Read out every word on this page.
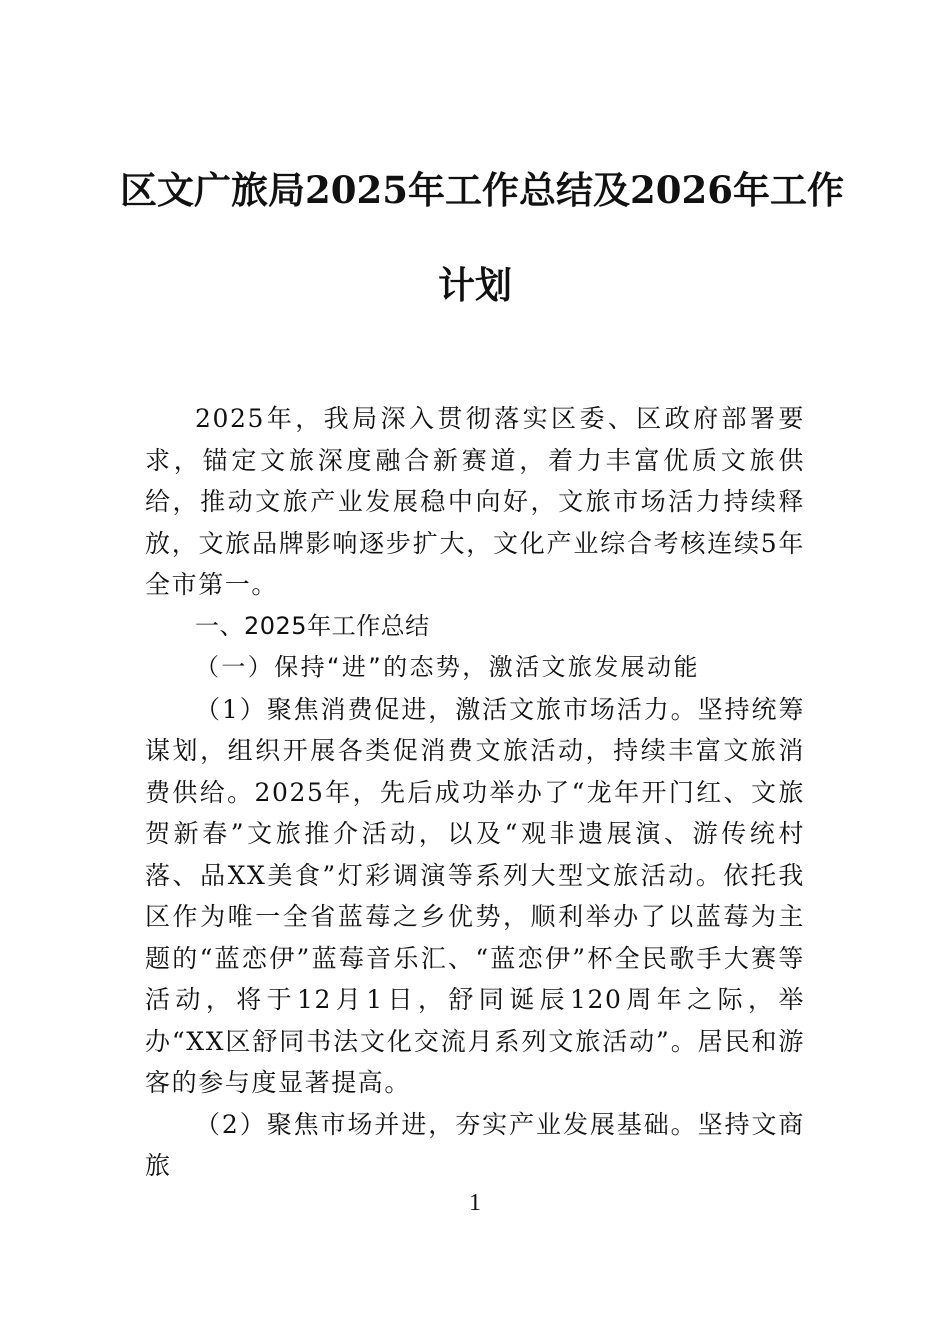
区文广旅局2025年工作总结及2026年工作
计划

2025年，我局深入贯彻落实区委、区政府部署要求，锚定文旅深度融合新赛道，着力丰富优质文旅供给，推动文旅产业发展稳中向好，文旅市场活力持续释放，文旅品牌影响逐步扩大，文化产业综合考核连续5年全市第一。

一、2025年工作总结

（一）保持“进”的态势，激活文旅发展动能

（1）聚焦消费促进，激活文旅市场活力。坚持统筹谋划，组织开展各类促消费文旅活动，持续丰富文旅消费供给。2025年，先后成功举办了“龙年开门红、文旅贺新春”文旅推介活动，以及“观非遗展演、游传统村落、品XX美食”灯彩调演等系列大型文旅活动。依托我区作为唯一全省蓝莓之乡优势，顺利举办了以蓝莓为主题的“蓝恋伊”蓝莓音乐汇、“蓝恋伊”杯全民歌手大赛等活动，将于12月1日，舒同诞辰120周年之际，举办“XX区舒同书法文化交流月系列文旅活动”。居民和游客的参与度显著提高。

（2）聚焦市场并进，夯实产业发展基础。坚持文商旅

1
